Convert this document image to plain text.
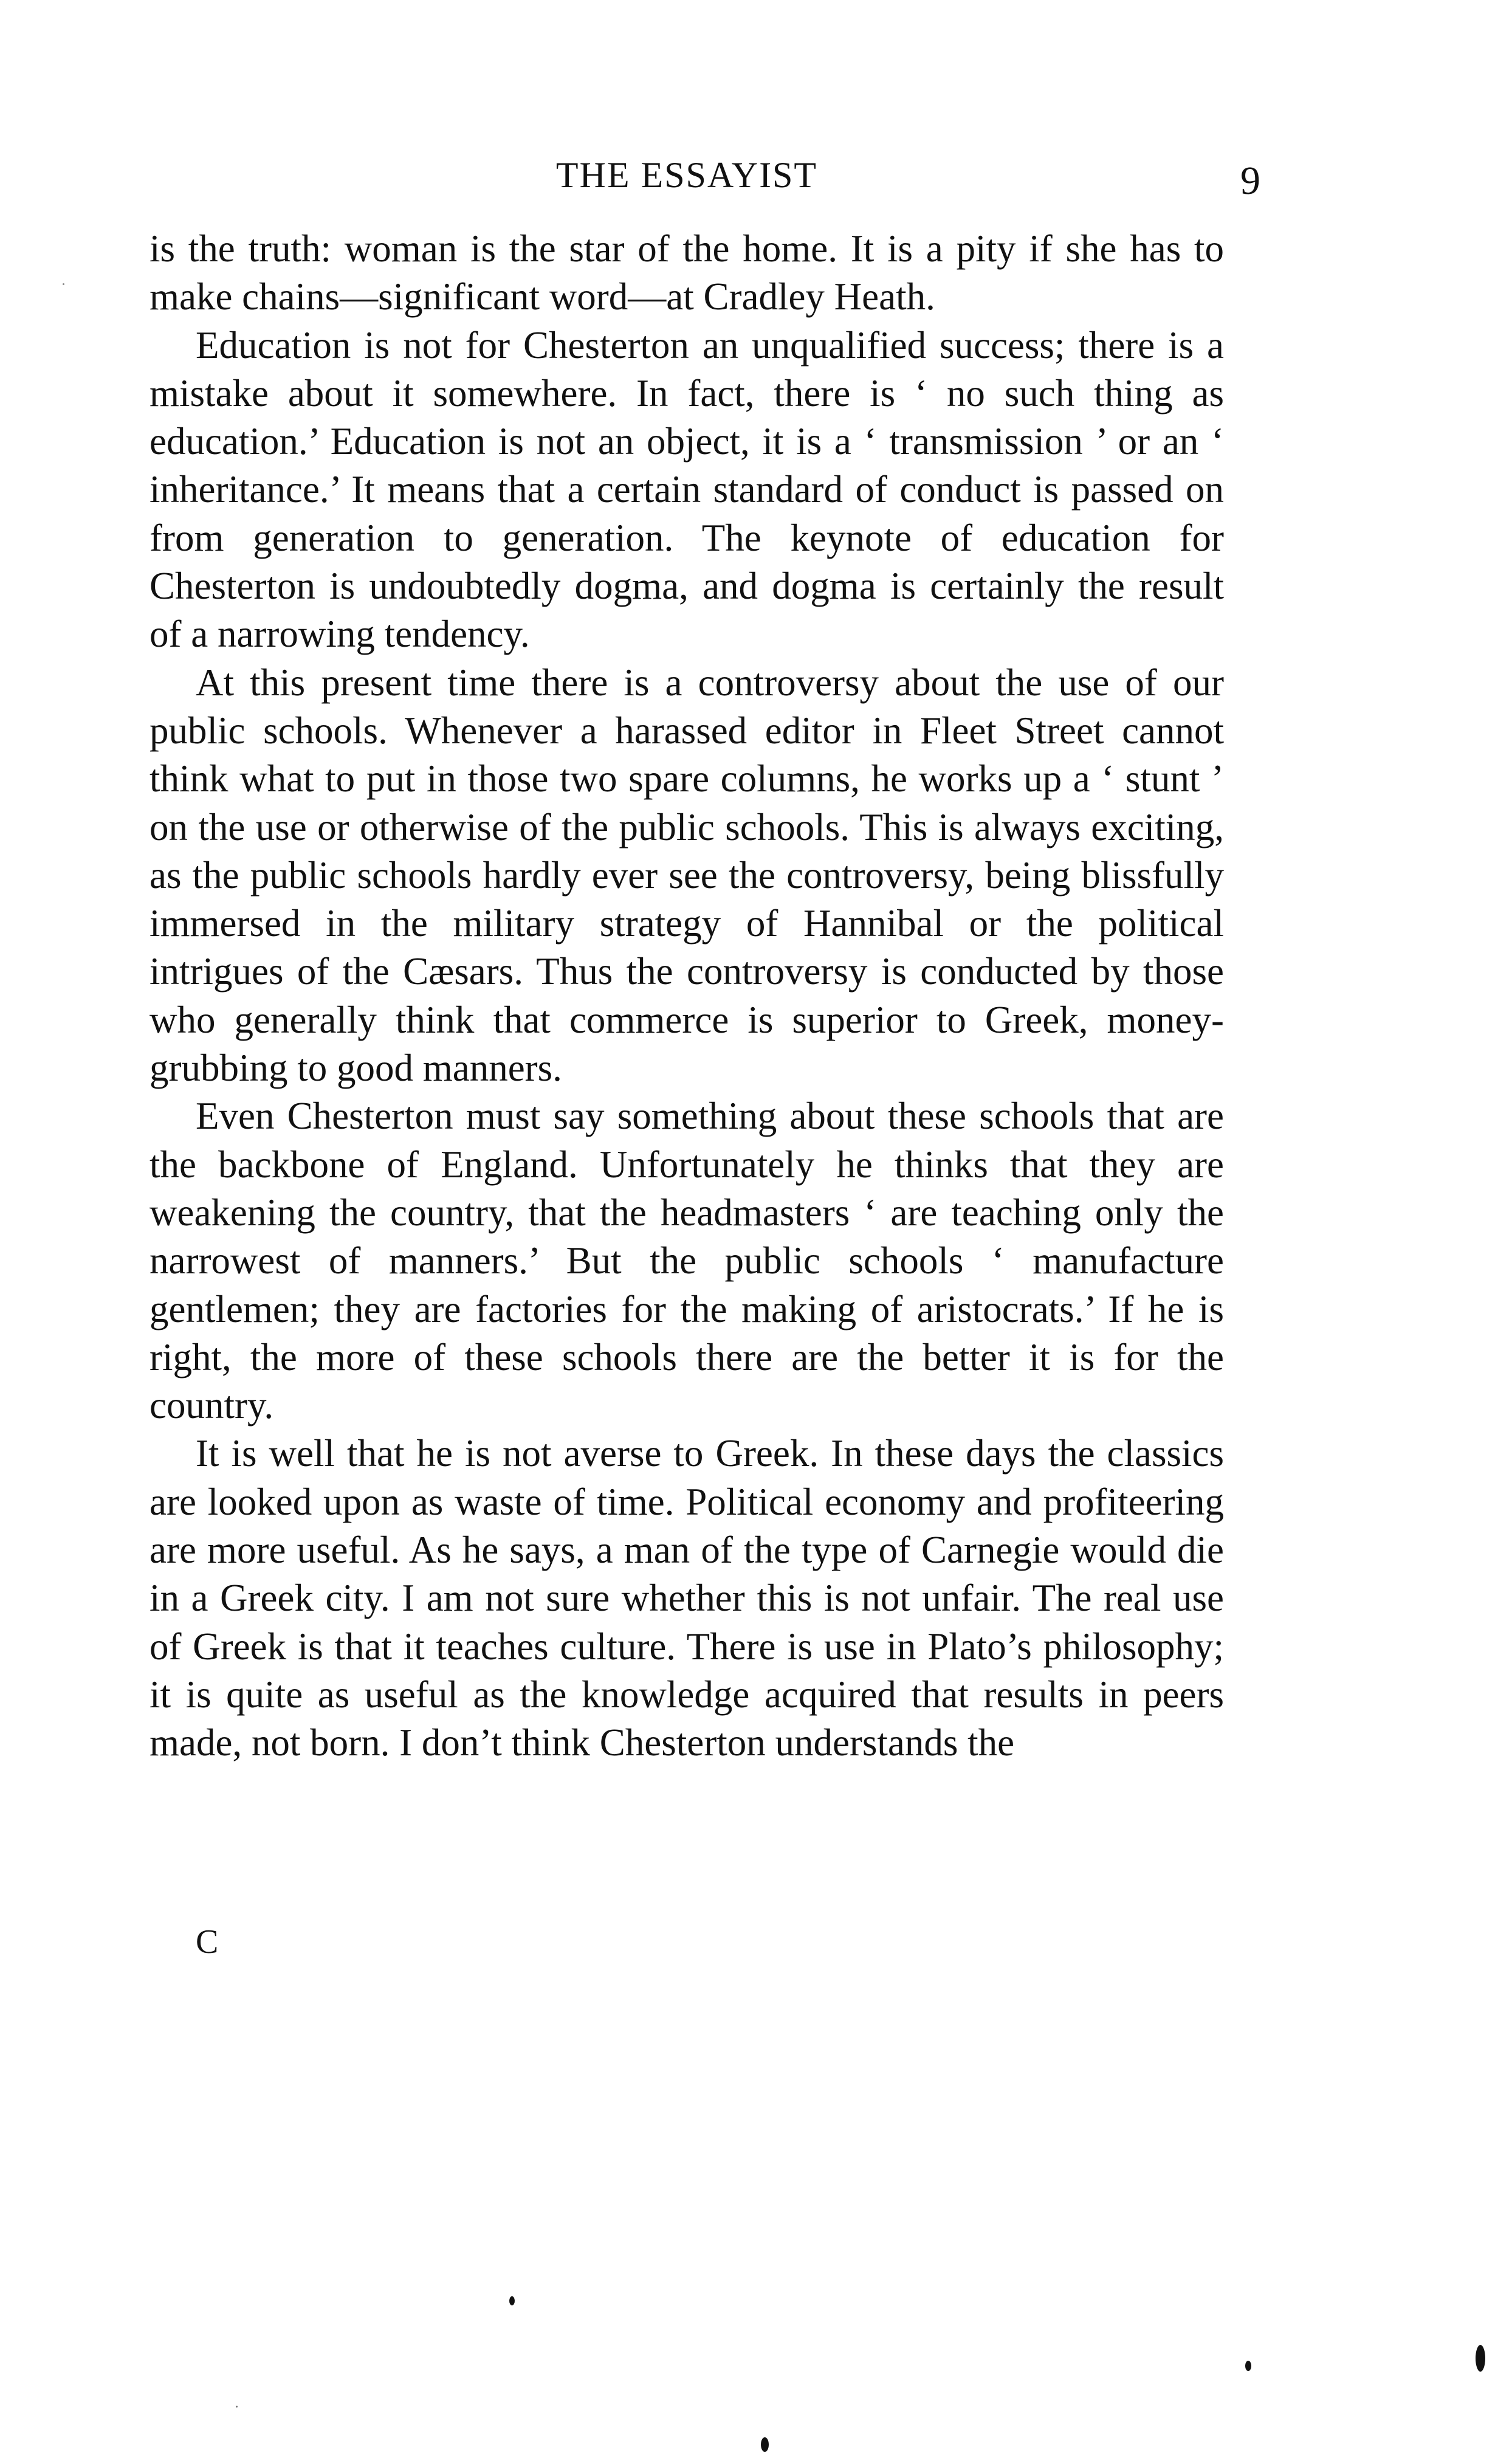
THE ESSAYIST	9

is the truth: woman is the star of the home. It is a pity if she has to make chains—significant word—at Cradley Heath.

Education is not for Chesterton an unqualified success; there is a mistake about it somewhere. In fact, there is ‘ no such thing as education.’ Education is not an object, it is a ‘ transmission ’ or an ‘ inheritance.’ It means that a certain standard of conduct is passed on from generation to generation. The keynote of education for Chesterton is undoubtedly dogma, and dogma is certainly the result of a narrowing tendency.

At this present time there is a controversy about the use of our public schools. Whenever a harassed editor in Fleet Street cannot think what to put in those two spare columns, he works up a ‘ stunt ’ on the use or otherwise of the public schools. This is always exciting, as the public schools hardly ever see the controversy, being blissfully immersed in the military strategy of Hannibal or the political intrigues of the Cæsars. Thus the controversy is conducted by those who generally think that commerce is superior to Greek, money-grubbing to good manners.

Even Chesterton must say something about these schools that are the backbone of England. Unfortunately he thinks that they are weakening the country, that the headmasters ‘ are teaching only the narrowest of manners.’ But the public schools ‘ manufacture gentlemen; they are factories for the making of aristocrats.’ If he is right, the more of these schools there are the better it is for the country.

It is well that he is not averse to Greek. In these days the classics are looked upon as waste of time. Political economy and profiteering are more useful. As he says, a man of the type of Carnegie would die in a Greek city. I am not sure whether this is not unfair. The real use of Greek is that it teaches culture. There is use in Plato’s philosophy; it is quite as useful as the knowledge acquired that results in peers made, not born. I don’t think Chesterton understands the

C
